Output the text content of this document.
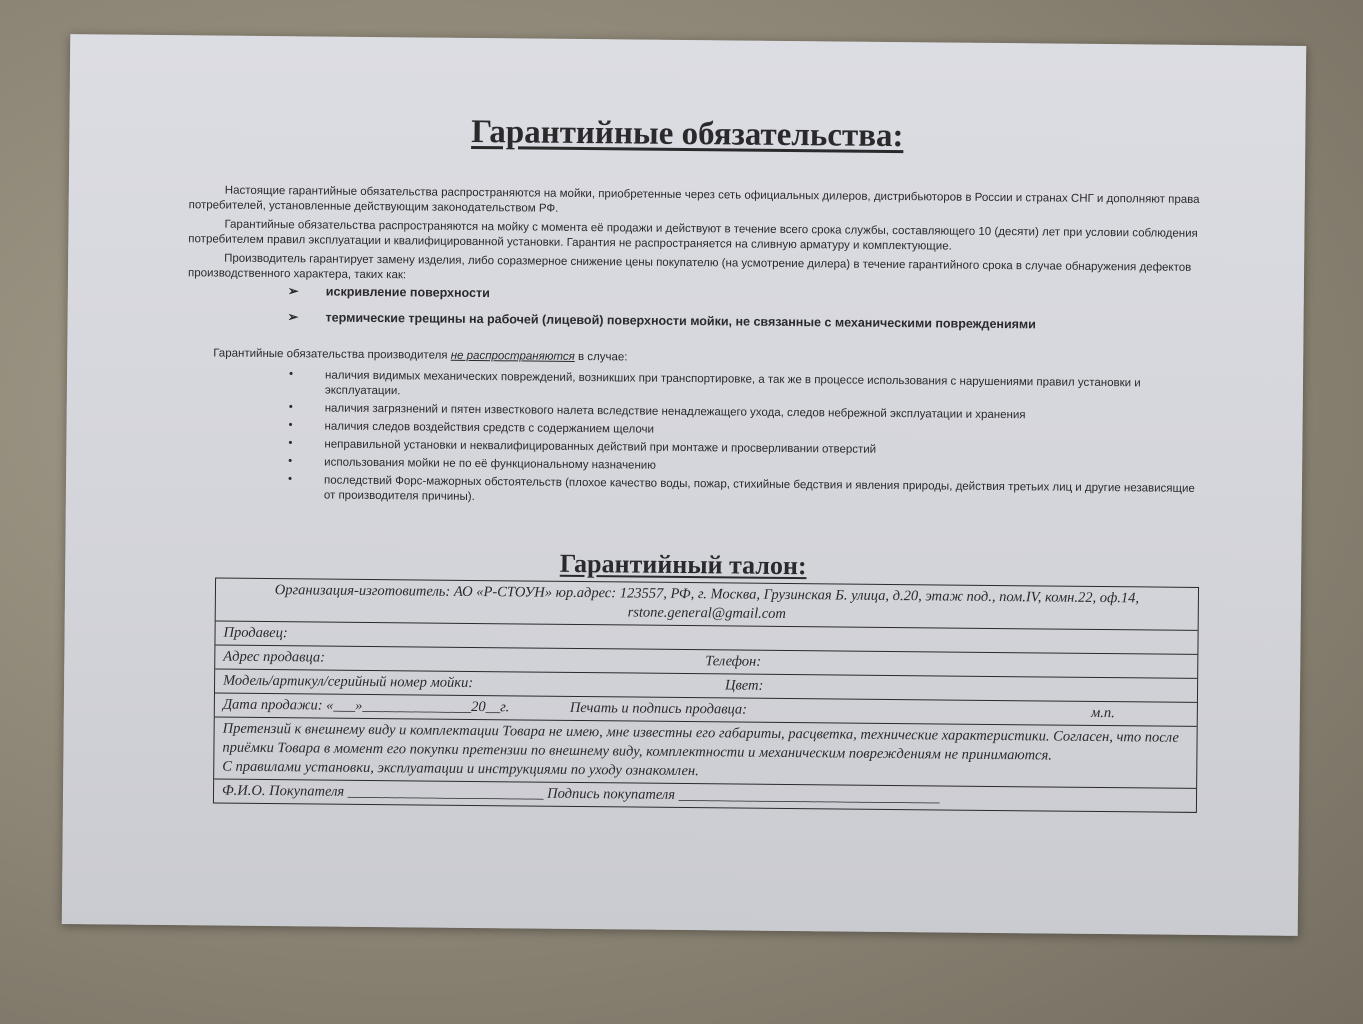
Гарантийные обязательства:

Настоящие гарантийные обязательства распространяются на мойки, приобретенные через сеть официальных дилеров, дистрибьюторов в России и странах СНГ и дополняют права потребителей, установленные действующим законодательством РФ.

Гарантийные обязательства распространяются на мойку с момента её продажи и действуют в течение всего срока службы, составляющего 10 (десяти) лет при условии соблюдения потребителем правил эксплуатации и квалифицированной установки. Гарантия не распространяется на сливную арматуру и комплектующие.

Производитель гарантирует замену изделия, либо соразмерное снижение цены покупателю (на усмотрение дилера) в течение гарантийного срока в случае обнаружения дефектов производственного характера, таких как:

➢ искривление поверхности
➢ термические трещины на рабочей (лицевой) поверхности мойки, не связанные с механическими повреждениями
Гарантийные обязательства производителя не распространяются в случае:
•	наличия видимых механических повреждений, возникших при транспортировке, а так же в процессе использования с нарушениями правил установки и эксплуатации.
•	наличия загрязнений и пятен известкового налета вследствие ненадлежащего ухода, следов небрежной эксплуатации и хранения
•	наличия следов воздействия средств с содержанием щелочи
•	неправильной установки и неквалифицированных действий при монтаже и просверливании отверстий
•	использования мойки не по её функциональному назначению
•	последствий Форс-мажорных обстоятельств (плохое качество воды, пожар, стихийные бедствия и явления природы, действия третьих лиц и другие независящие от производителя причины).
Гарантийный талон:
Организация-изготовитель: АО «Р-СТОУН» юр.адрес: 123557, РФ, г. Москва, Грузинская Б. улица, д.20, этаж под., пом.IV, комн.22, оф.14, rstone.general@gmail.com
Продавец:
Адрес продавца:	Телефон:
Модель/артикул/серийный номер мойки:	Цвет:
Дата продажи: «___»_______________20__г.	Печать и подпись продавца:	м.п.
Претензий к внешнему виду и комплектации Товара не имею, мне известны его габариты, расцветка, технические характеристики. Согласен, что после приёмки Товара в момент его покупки претензии по внешнему виду, комплектности и механическим повреждениям не принимаются.
С правилами установки, эксплуатации и инструкциями по уходу ознакомлен.
Ф.И.О. Покупателя ___________________________ Подпись покупателя ____________________________________
